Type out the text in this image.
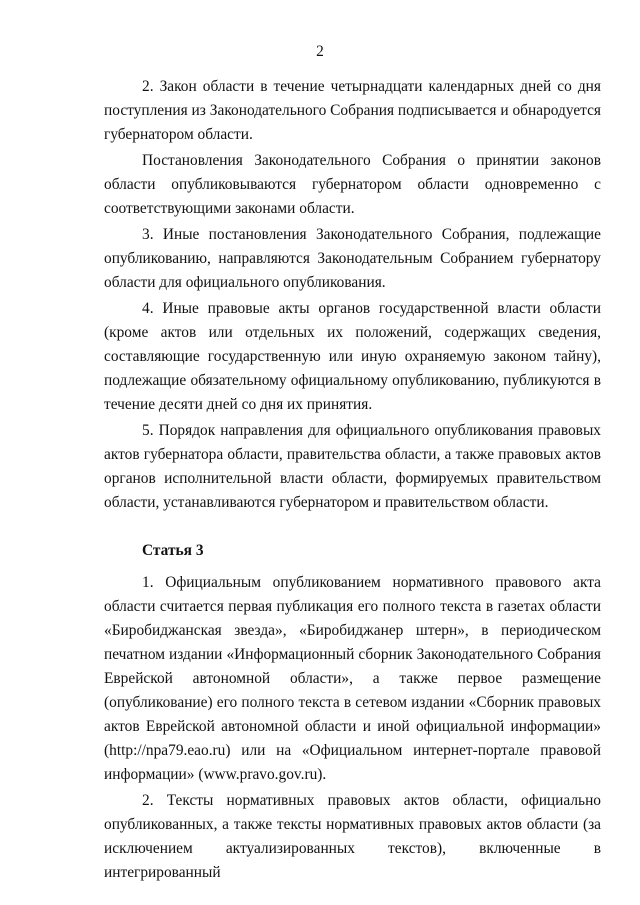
2

2. Закон области в течение четырнадцати календарных дней со дня поступления из Законодательного Собрания подписывается и обнародуется губернатором области.

Постановления Законодательного Собрания о принятии законов области опубликовываются губернатором области одновременно с соответствующими законами области.

3. Иные постановления Законодательного Собрания, подлежащие опубликованию, направляются Законодательным Собранием губернатору области для официального опубликования.

4. Иные правовые акты органов государственной власти области (кроме актов или отдельных их положений, содержащих сведения, составляющие государственную или иную охраняемую законом тайну), подлежащие обязательному официальному опубликованию, публикуются в течение десяти дней со дня их принятия.

5. Порядок направления для официального опубликования правовых актов губернатора области, правительства области, а также правовых актов органов исполнительной власти области, формируемых правительством области, устанавливаются губернатором и правительством области.

Статья 3

1. Официальным опубликованием нормативного правового акта области считается первая публикация его полного текста в газетах области «Биробиджанская звезда», «Биробиджанер штерн», в периодическом печатном издании «Информационный сборник Законодательного Собрания Еврейской автономной области», а также первое размещение (опубликование) его полного текста в сетевом издании «Сборник правовых актов Еврейской автономной области и иной официальной информации» (http://npa79.eao.ru) или на «Официальном интернет-портале правовой информации» (www.pravo.gov.ru).

2. Тексты нормативных правовых актов области, официально опубликованных, а также тексты нормативных правовых актов области (за исключением актуализированных текстов), включенные в интегрированный
